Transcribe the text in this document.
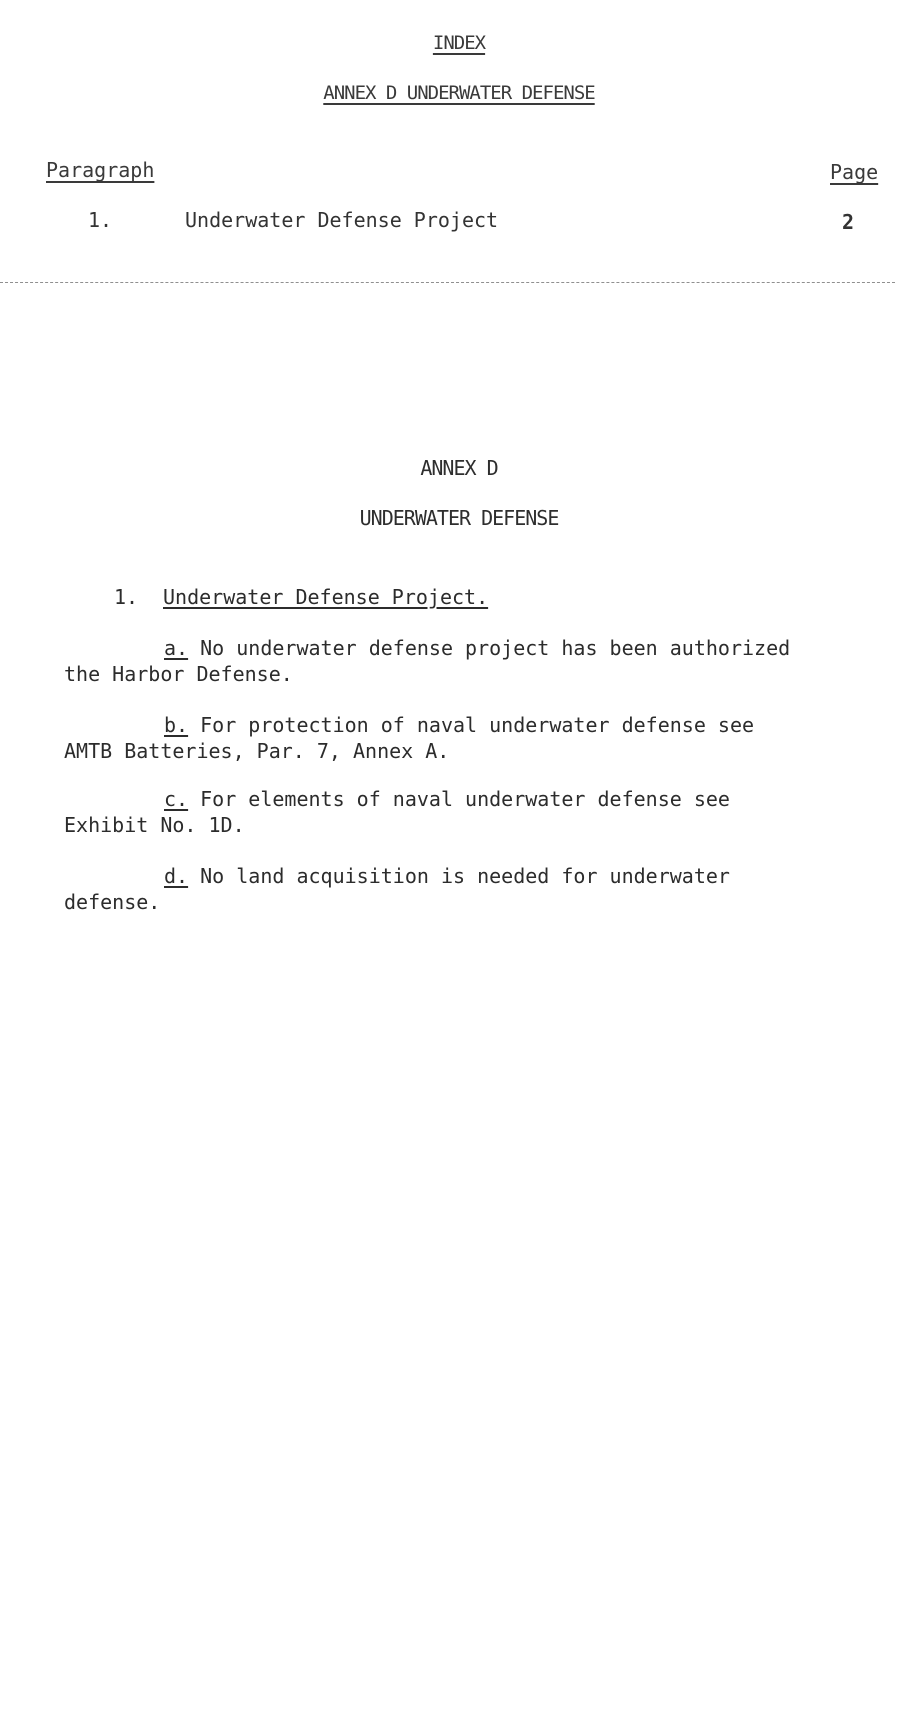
INDEX
ANNEX D UNDERWATER DEFENSE
Paragraph	Page
1.	Underwater Defense Project	2
ANNEX D
UNDERWATER DEFENSE
1. Underwater Defense Project.
a. No underwater defense project has been authorized
the Harbor Defense.
b. For protection of naval underwater defense see
AMTB Batteries, Par. 7, Annex A.
c. For elements of naval underwater defense see
Exhibit No. 1D.
d. No land acquisition is needed for underwater
defense.
